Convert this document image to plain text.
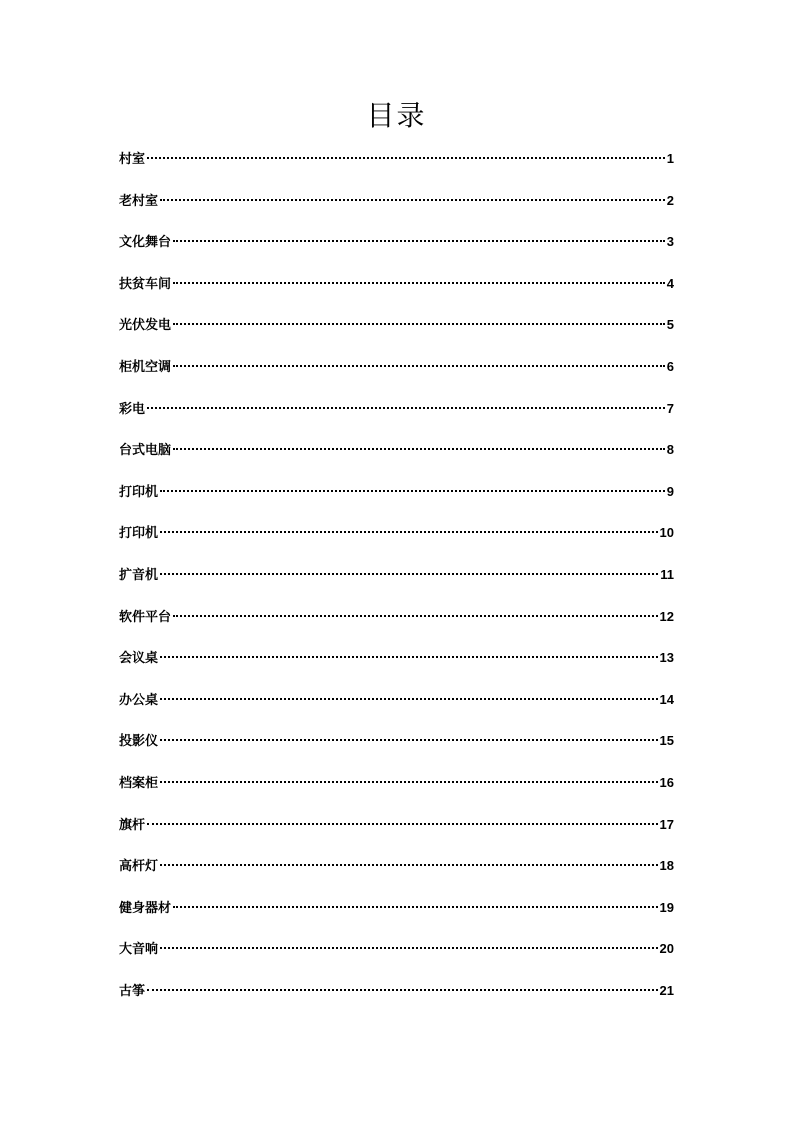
目录
村室	1
老村室	2
文化舞台	3
扶贫车间	4
光伏发电	5
柜机空调	6
彩电	7
台式电脑	8
打印机	9
打印机	10
扩音机	11
软件平台	12
会议桌	13
办公桌	14
投影仪	15
档案柜	16
旗杆	17
高杆灯	18
健身器材	19
大音响	20
古筝	21
